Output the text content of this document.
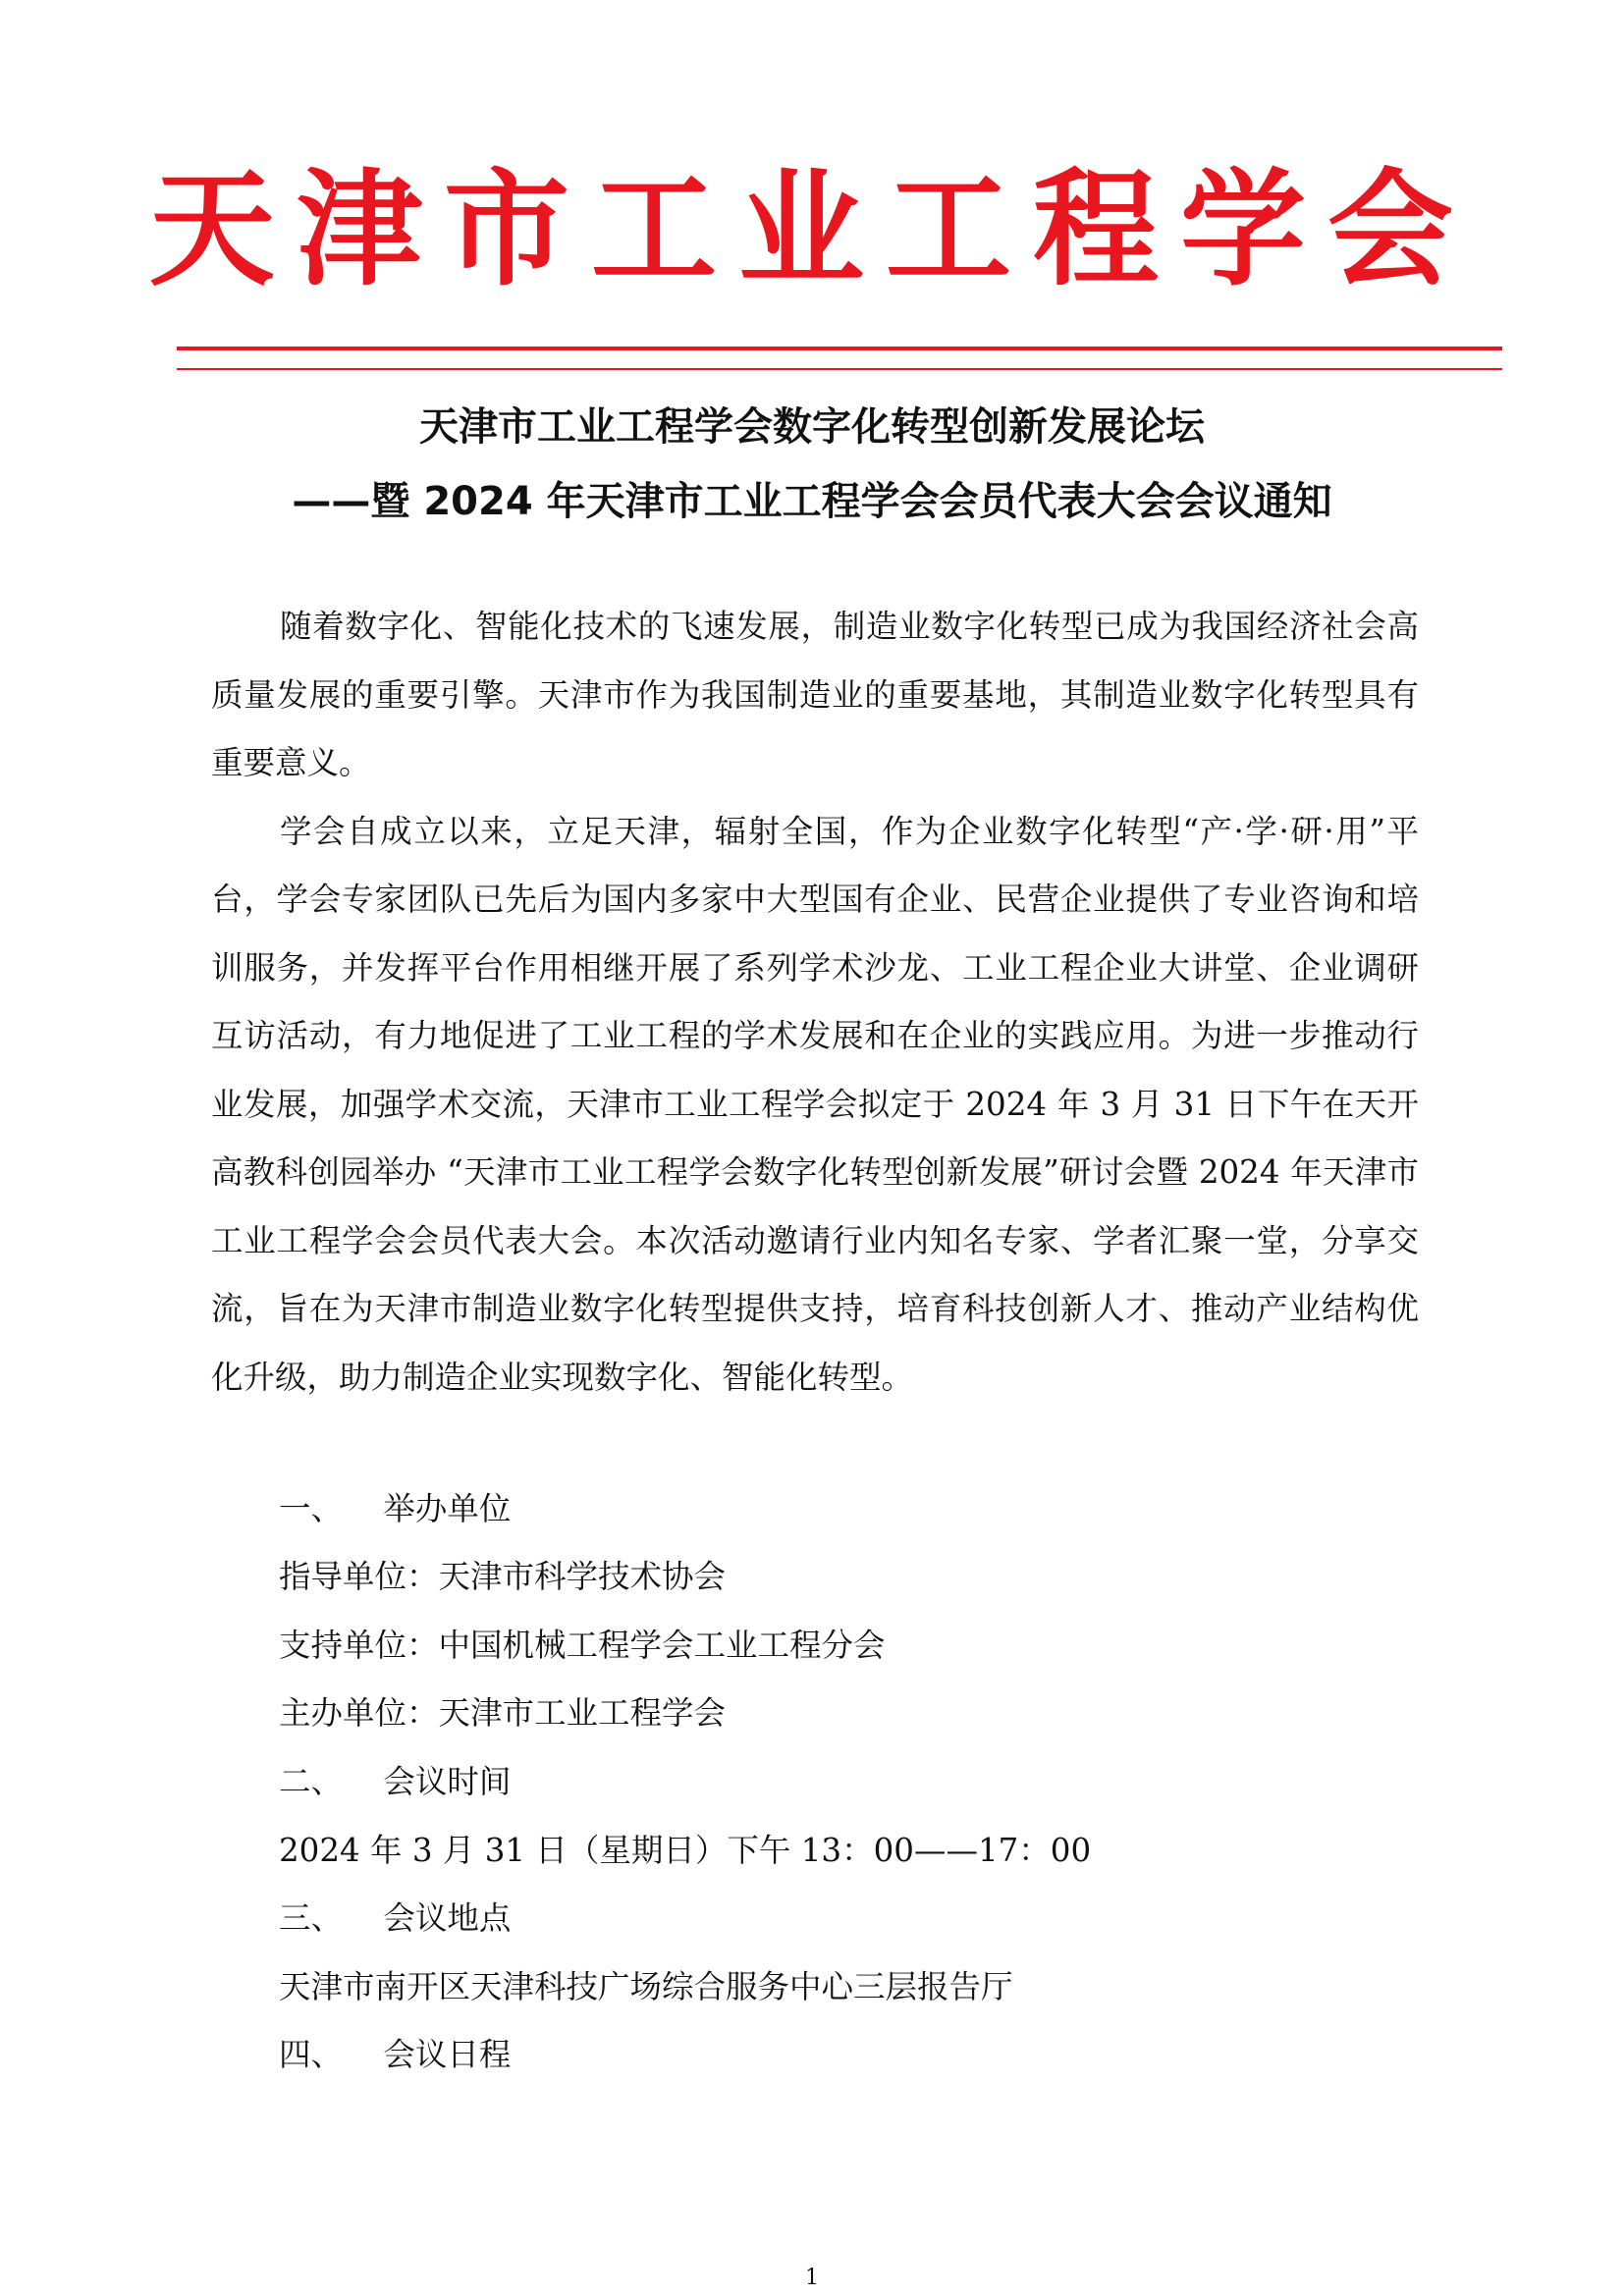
天津市工业工程学会
天津市工业工程学会数字化转型创新发展论坛
——暨 2024 年天津市工业工程学会会员代表大会会议通知

随着数字化、智能化技术的飞速发展，制造业数字化转型已成为我国经济社会高质量发展的重要引擎。天津市作为我国制造业的重要基地，其制造业数字化转型具有重要意义。

学会自成立以来，立足天津，辐射全国，作为企业数字化转型“产·学·研·用”平台，学会专家团队已先后为国内多家中大型国有企业、民营企业提供了专业咨询和培训服务，并发挥平台作用相继开展了系列学术沙龙、工业工程企业大讲堂、企业调研互访活动，有力地促进了工业工程的学术发展和在企业的实践应用。为进一步推动行业发展，加强学术交流，天津市工业工程学会拟定于 2024 年 3 月 31 日下午在天开高教科创园举办 “天津市工业工程学会数字化转型创新发展”研讨会暨 2024 年天津市工业工程学会会员代表大会。本次活动邀请行业内知名专家、学者汇聚一堂，分享交流，旨在为天津市制造业数字化转型提供支持，培育科技创新人才、推动产业结构优化升级，助力制造企业实现数字化、智能化转型。

一、    举办单位
指导单位：天津市科学技术协会
支持单位：中国机械工程学会工业工程分会
主办单位：天津市工业工程学会
二、    会议时间
2024 年 3 月 31 日（星期日）下午 13：00——17：00
三、    会议地点
天津市南开区天津科技广场综合服务中心三层报告厅
四、    会议日程
1
